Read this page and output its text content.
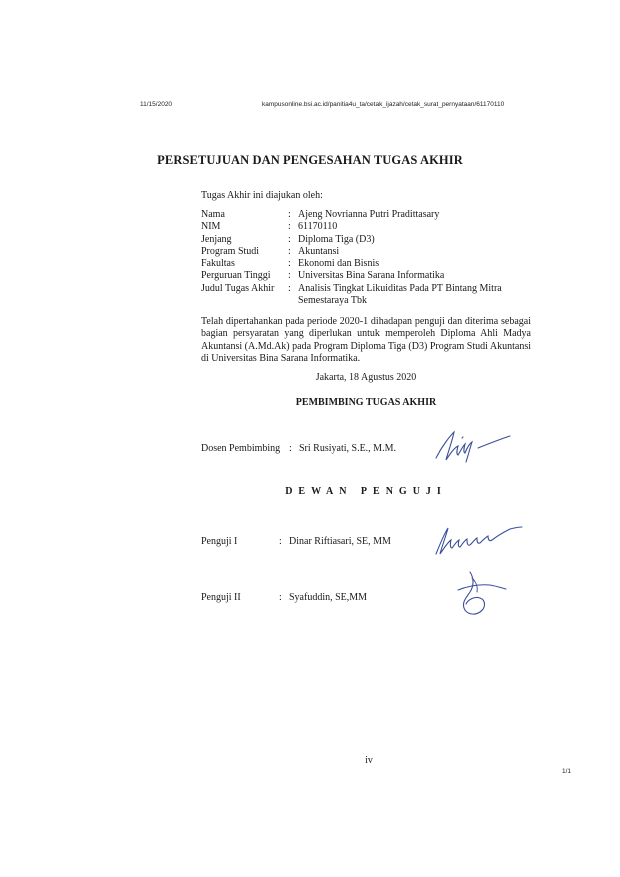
11/15/2020	kampusonline.bsi.ac.id/panitia4u_ta/cetak_ijazah/cetak_surat_pernyataan/61170110
PERSETUJUAN DAN PENGESAHAN TUGAS AKHIR
Tugas Akhir ini diajukan oleh:
Nama	: Ajeng Novrianna Putri Pradittasary
NIM	: 61170110
Jenjang	: Diploma Tiga (D3)
Program Studi	: Akuntansi
Fakultas	: Ekonomi dan Bisnis
Perguruan Tinggi	: Universitas Bina Sarana Informatika
Judul Tugas Akhir	: Analisis Tingkat Likuiditas Pada PT Bintang Mitra
Semestaraya Tbk
Telah dipertahankan pada periode 2020-1 dihadapan penguji dan diterima sebagai bagian persyaratan yang diperlukan untuk memperoleh Diploma Ahli Madya Akuntansi (A.Md.Ak) pada Program Diploma Tiga (D3) Program Studi Akuntansi di Universitas Bina Sarana Informatika.
Jakarta, 18 Agustus 2020
PEMBIMBING TUGAS AKHIR
Dosen Pembimbing : Sri Rusiyati, S.E., M.M.
DEWAN PENGUJI
Penguji I	: Dinar Riftiasari, SE, MM
Penguji II	: Syafuddin, SE,MM
iv
1/1
